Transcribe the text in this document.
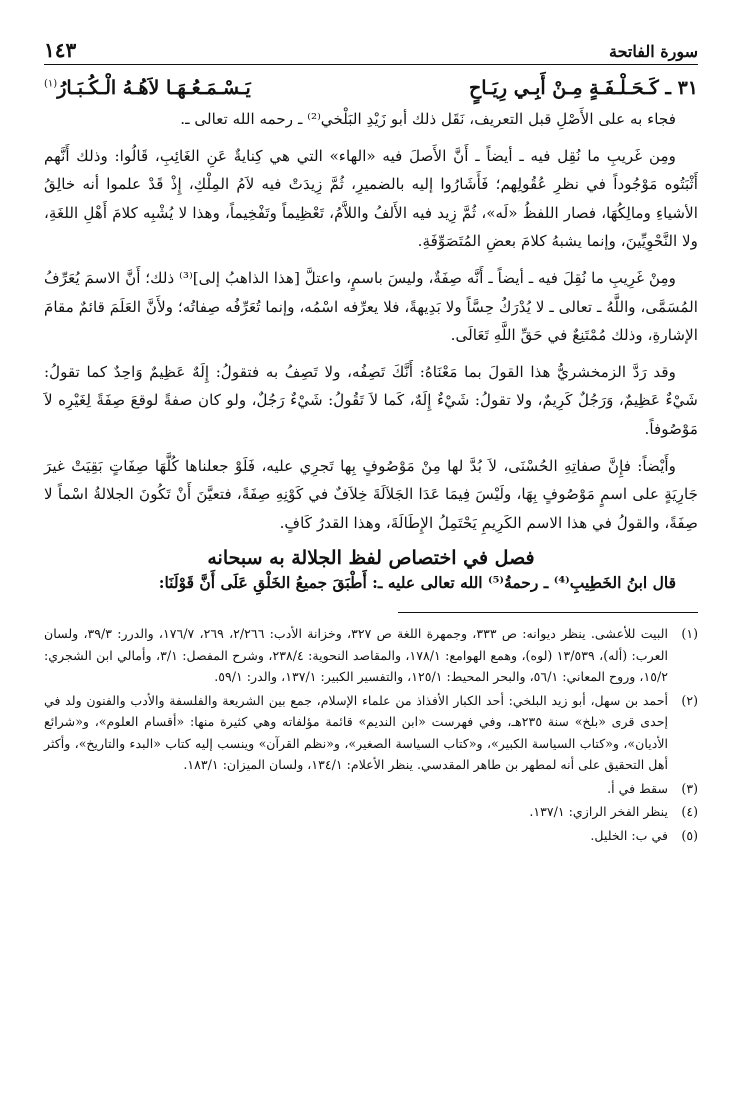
سورة الفاتحة
١٤٣
٣١ ـ كَـحَـلْـفَـةٍ مِـنْ أَبِـي رِيَـاحٍ
يَـسْـمَـعُـهَـا لاَهُـهُ الْـكُـبَـارُ$^{(١)}$

فجاء به على الأَصْلِ قبل التعريف، نَقَل ذلك أبو زَيْدِ البَلْخي⁽²⁾ ـ رحمه الله تعالى ـ.

ومِن غَريبِ ما نُقِل فيه ـ أيضاً ـ أَنَّ الأَصلَ فيه «الهاء» التي هي كِنايةٌ عَنِ الغَائِبِ، قَالُوا: وذلك أَنَّهم أَثْبَتُوه مَوْجُوداً في نظرِ عُقُولِهم؛ فَأَشَارُوا إليه بالضميرِ، ثُمَّ زِيدَتْ فيه لاَمُ المِلْكِ، إِذْ قَدْ علموا أنه خالِقُ الأشياءِ ومالِكُهَا، فصار اللفظُ «لَه»، ثُمَّ زِيد فيه الأَلفُ واللاَّمُ، تَعْظِيماً وتَفْخِيماً، وهذا لا يُشْبِه كلامَ أَهْلِ اللغَةِ، ولا النَّحْوِيِّينَ، وإنما يشبهُ كلامَ بعضِ المُتَصَوِّفَةِ.

ومِنْ غَرِيبِ ما نُقِلَ فيه ـ أيضاً ـ أَنَّه صِفَةٌ، وليسَ باسمٍ، واعتلَّ [هذا الذاهبُ إلى]⁽³⁾ ذلك؛ أَنَّ الاسمَ يُعَرِّفُ المُسَمَّى، واللَّهُ ـ تعالى ـ لا يُدْرَكُ حِسَّاً ولا بَدِيهةً، فلا يعرِّفه اسْمُه، وإنما تُعَرِّفُه صِفاتُه؛ ولأَنَّ العَلَمَ قائمٌ مقامَ الإشارةِ، وذلك مُمْتَنِعٌ في حَقِّ اللَّهِ تَعَالَى.

وقد رَدَّ الزمخشريُّ هذا القولَ بما مَعْنَاهُ: أَنَّكَ تَصِفُه، ولا تَصِفُ به فتقولُ: إِلَهٌ عَظِيمٌ وَاحِدٌ كما تقولُ: شَيْءٌ عَظِيمٌ، وَرَجُلٌ كَرِيمٌ، ولا تقولُ: شَيْءٌ إِلَهٌ، كَما لاَ تَقُولُ: شَيْءٌ رَجُلٌ، ولو كان صفةً لوقعَ صِفَةً لِغَيْرِه لاَ مَوْصُوفاً.

وأَيْضاً: فإِنَّ صفاتِهِ الحُسْنَى، لاَ بُدَّ لها مِنْ مَوْصُوفٍ بِها تَجرِي عليه، فَلَوْ جعلناها كُلَّهَا صِفَاتٍ بَقِيَتْ غيرَ جَارِيَةٍ على اسمٍ مَوْصُوفٍ بِهَا، ولَيْسَ فِيمَا عَدَا الجَلاَلَةَ خِلاَفٌ في كَوْنِهِ صِفَةً، فتعيَّنَ أَنْ تَكُونَ الجلالةُ اسْماً لا صِفَةً، والقولُ في هذا الاسم الكَرِيمِ يَحْتَمِلُ الإِطَالَةَ، وهذا القدرُ كَافٍ.

فصل في اختصاص لفظ الجلالة به سبحانه
قال ابنُ الخَطِيبِ⁽⁴⁾ ـ رحمةُ⁽⁵⁾ الله تعالى عليه ـ: أَطْبَقَ جميعُ الخَلْقِ عَلَى أَنَّ قَوْلَنَا:
(١)
البيت للأعشى. ينظر ديوانه: ص ٣٣٣، وجمهرة اللغة ص ٣٢٧، وخزانة الأدب: ٢/٢٦٦، ٢٦٩، ١٧٦/٧، والدرر: ٣٩/٣، ولسان العرب: (أله)، ١٣/٥٣٩ (لوه)، وهمع الهوامع: ١٧٨/١، والمقاصد النحوية: ٢٣٨/٤، وشرح المفصل: ٣/١، وأمالي ابن الشجري: ١٥/٢، وروح المعاني: ٥٦/١، والبحر المحيط: ١٢٥/١، والتفسير الكبير: ١٣٧/١، والدر: ٥٩/١.
(٢)
أحمد بن سهل، أبو زيد البلخي: أحد الكبار الأفذاذ من علماء الإسلام، جمع بين الشريعة والفلسفة والأدب والفنون ولد في إحدى قرى «بلخ» سنة ٢٣٥هـ، وفي فهرست «ابن النديم» قائمة مؤلفاته وهي كثيرة منها: «أقسام العلوم»، و«شرائع الأديان»، و«كتاب السياسة الكبير»، و«كتاب السياسة الصغير»، و«نظم القرآن» وينسب إليه كتاب «البدء والتاريخ»، وأكثر أهل التحقيق على أنه لمطهر بن طاهر المقدسي. ينظر الأعلام: ١٣٤/١، ولسان الميزان: ١٨٣/١.
(٣)
سقط في أ.
(٤)
ينظر الفخر الرازي: ١٣٧/١.
(٥)
في ب: الخليل.
